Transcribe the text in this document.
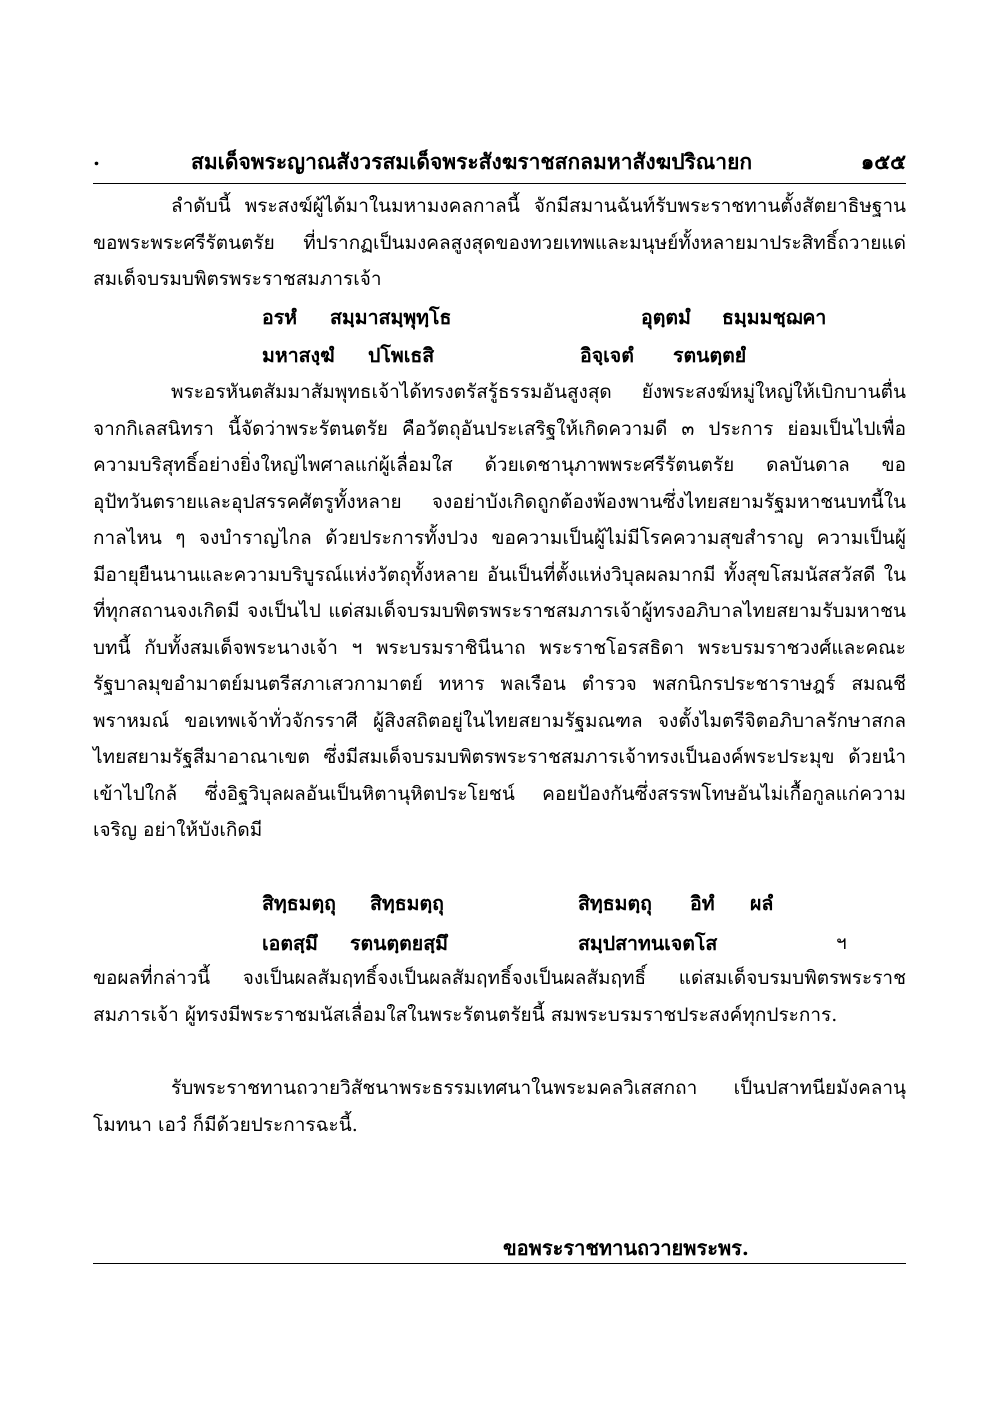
.	สมเด็จพระญาณสังวรสมเด็จพระสังฆราชสกลมหาสังฆปริณายก	๑๕๕

ลำดับนี้ พระสงฆ์ผู้ได้มาในมหามงคลกาลนี้ จักมีสมานฉันท์รับพระราชทานตั้งสัตยาธิษฐาน ขอพระพระศรีรัตนตรัย ที่ปรากฏเป็นมงคลสูงสุดของทวยเทพและมนุษย์ทั้งหลายมาประสิทธิ์ถวายแด่สมเด็จบรมบพิตรพระราชสมภารเจ้า

อรหํ สมฺมาสมฺพุทฺโธ	อุตฺตมํ ธมฺมมชฺฌคา
มหาสงฺฆํ ปโพเธสิ	อิจฺเจตํ รตนตฺตยํ

พระอรหันตสัมมาสัมพุทธเจ้าได้ทรงตรัสรู้ธรรมอันสูงสุด ยังพระสงฆ์หมู่ใหญ่ให้เบิกบานตื่นจากกิเลสนิทรา นี้จัดว่าพระรัตนตรัย คือวัตถุอันประเสริฐให้เกิดความดี ๓ ประการ ย่อมเป็นไปเพื่อความบริสุทธิ์อย่างยิ่งใหญ่ไพศาลแก่ผู้เลื่อมใส ด้วยเดชานุภาพพระศรีรัตนตรัย ดลบันดาล ขออุปัทวันตรายและอุปสรรคศัตรูทั้งหลาย จงอย่าบังเกิดถูกต้องพ้องพานซึ่งไทยสยามรัฐมหาชนบทนี้ในกาลไหน ๆ จงบำราญไกล ด้วยประการทั้งปวง ขอความเป็นผู้ไม่มีโรคความสุขสำราญ ความเป็นผู้มีอายุยืนนานและความบริบูรณ์แห่งวัตถุทั้งหลาย อันเป็นที่ตั้งแห่งวิบุลผลมากมี ทั้งสุขโสมนัสสวัสดี ในที่ทุกสถานจงเกิดมี จงเป็นไป แด่สมเด็จบรมบพิตรพระราชสมภารเจ้าผู้ทรงอภิบาลไทยสยามรับมหาชนบทนี้ กับทั้งสมเด็จพระนางเจ้า ฯ พระบรมราชินีนาถ พระราชโอรสธิดา พระบรมราชวงศ์และคณะรัฐบาลมุขอำมาตย์มนตรีสภาเสวกามาตย์ ทหาร พลเรือน ตำรวจ พสกนิกรประชาราษฎร์ สมณชีพราหมณ์ ขอเทพเจ้าทั่วจักรราศี ผู้สิงสถิตอยู่ในไทยสยามรัฐมณฑล จงตั้งไมตรีจิตอภิบาลรักษาสกลไทยสยามรัฐสีมาอาณาเขต ซึ่งมีสมเด็จบรมบพิตรพระราชสมภารเจ้าทรงเป็นองค์พระประมุข ด้วยนำเข้าไปใกล้ ซึ่งอิฐวิบุลผลอันเป็นหิตานุหิตประโยชน์ คอยป้องกันซึ่งสรรพโทษอันไม่เกื้อกูลแก่ความเจริญ อย่าให้บังเกิดมี

สิทฺธมตฺถุ สิทฺธมตฺถุ	สิทฺธมตฺถุ อิทํ ผลํ
เอตสฺมึ รตนตฺตยสฺมึ	สมฺปสาทนเจตโส	ฯ

ขอผลที่กล่าวนี้ จงเป็นผลสัมฤทธิ์จงเป็นผลสัมฤทธิ์จงเป็นผลสัมฤทธิ์ แด่สมเด็จบรมบพิตรพระราชสมภารเจ้า ผู้ทรงมีพระราชมนัสเลื่อมใสในพระรัตนตรัยนี้ สมพระบรมราชประสงค์ทุกประการ.

รับพระราชทานถวายวิสัชนาพระธรรมเทศนาในพระมคลวิเสสกถา เป็นปสาทนียมังคลานุโมทนา เอวํ ก็มีด้วยประการฉะนี้.

ขอพระราชทานถวายพระพร.
